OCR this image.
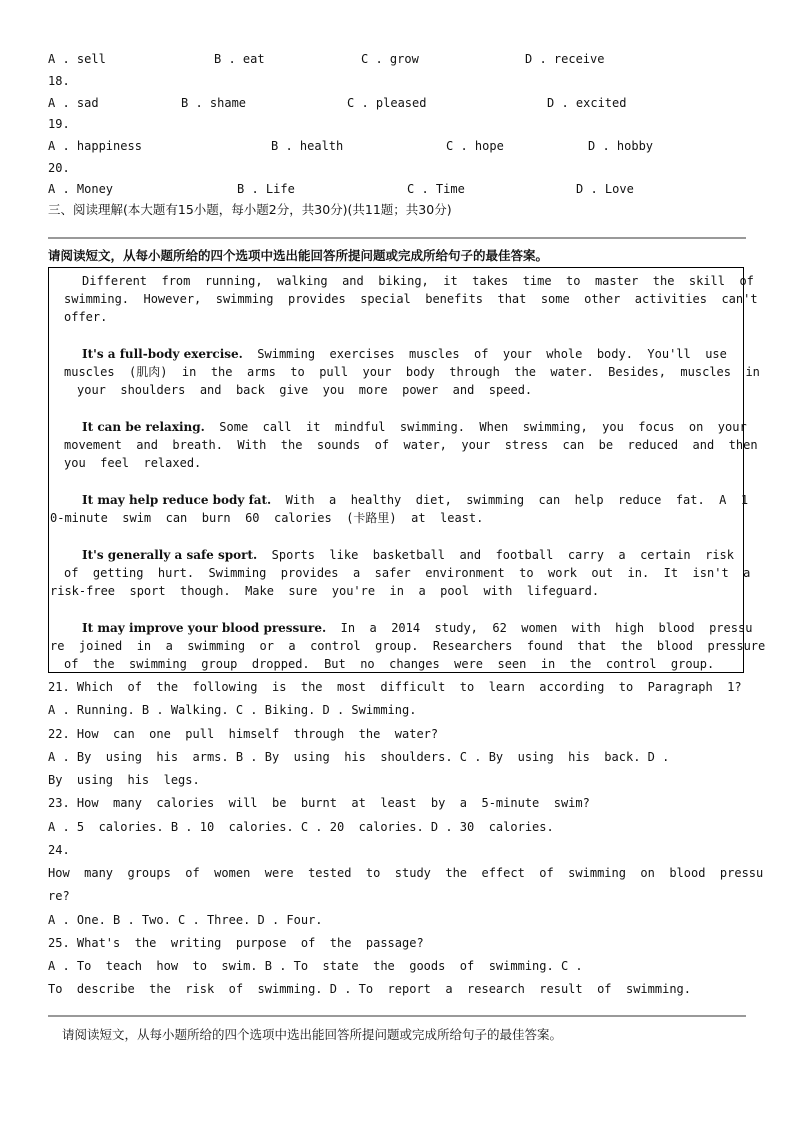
A . sell	B . eat	C . grow	D . receive
18.
A . sad	B . shame	C . pleased	D . excited
19.
A . happiness	B . health	C . hope	D . hobby
20.
A . Money	B . Life	C . Time	D . Love
三、阅读理解(本大题有15小题，每小题2分，共30分)(共11题；共30分)
请阅读短文，从每小题所给的四个选项中选出能回答所提问题或完成所给句子的最佳答案。
Different  from  running,  walking  and  biking,  it  takes  time  to  master  the  skill  of
swimming.  However,  swimming  provides  special  benefits  that  some  other  activities  can't
offer.
It's a full-body exercise.  Swimming  exercises  muscles  of  your  whole  body.  You'll  use
muscles  (肌肉)  in  the  arms  to  pull  your  body  through  the  water.  Besides,  muscles  in
your  shoulders  and  back  give  you  more  power  and  speed.
It can be relaxing.  Some  call  it  mindful  swimming.  When  swimming,  you  focus  on  your
movement  and  breath.  With  the  sounds  of  water,  your  stress  can  be  reduced  and  then
you  feel  relaxed.
It may help reduce body fat.  With  a  healthy  diet,  swimming  can  help  reduce  fat.  A  1
0-minute  swim  can  burn  60  calories  (卡路里)  at  least.
It's generally a safe sport.  Sports  like  basketball  and  football  carry  a  certain  risk
of  getting  hurt.  Swimming  provides  a  safer  environment  to  work  out  in.  It  isn't  a
risk-free  sport  though.  Make  sure  you're  in  a  pool  with  lifeguard.
It may improve your blood pressure.  In  a  2014  study,  62  women  with  high  blood  pressu
re  joined  in  a  swimming  or  a  control  group.  Researchers  found  that  the  blood  pressure
of  the  swimming  group  dropped.  But  no  changes  were  seen  in  the  control  group.
21. Which  of  the  following  is  the  most  difficult  to  learn  according  to  Paragraph  1?
A . Running. B . Walking. C . Biking. D . Swimming.
22. How  can  one  pull  himself  through  the  water?
A . By  using  his  arms. B . By  using  his  shoulders. C . By  using  his  back. D .
By  using  his  legs.
23. How  many  calories  will  be  burnt  at  least  by  a  5-minute  swim?
A . 5  calories. B . 10  calories. C . 20  calories. D . 30  calories.
24.
How  many  groups  of  women  were  tested  to  study  the  effect  of  swimming  on  blood  pressu
re?
A . One. B . Two. C . Three. D . Four.
25. What's  the  writing  purpose  of  the  passage?
A . To  teach  how  to  swim. B . To  state  the  goods  of  swimming. C .
To  describe  the  risk  of  swimming. D . To  report  a  research  result  of  swimming.
请阅读短文，从每小题所给的四个选项中选出能回答所提问题或完成所给句子的最佳答案。
